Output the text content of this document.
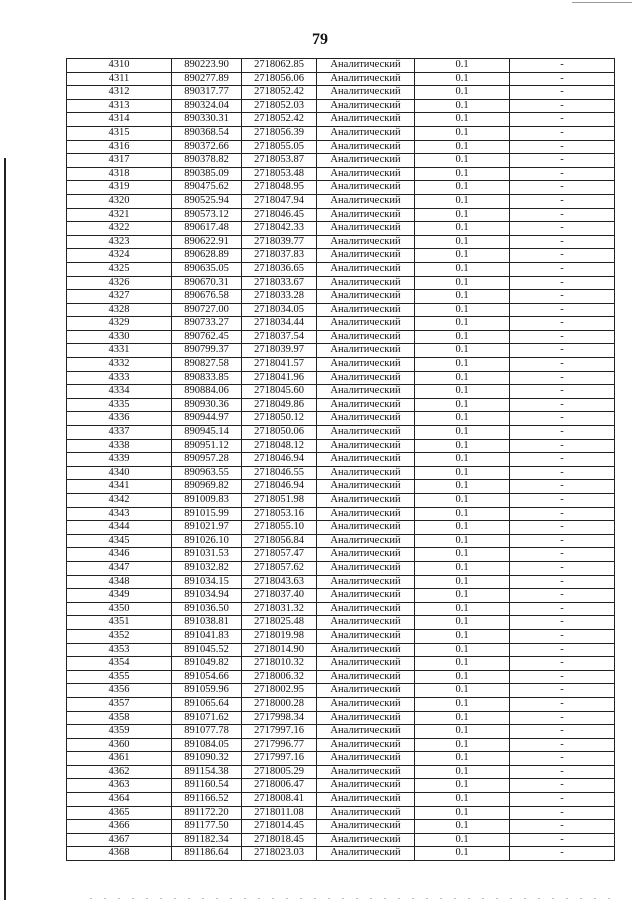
79
4310	890223.90	2718062.85	Аналитический	0.1	-
4311	890277.89	2718056.06	Аналитический	0.1	-
4312	890317.77	2718052.42	Аналитический	0.1	-
4313	890324.04	2718052.03	Аналитический	0.1	-
4314	890330.31	2718052.42	Аналитический	0.1	-
4315	890368.54	2718056.39	Аналитический	0.1	-
4316	890372.66	2718055.05	Аналитический	0.1	-
4317	890378.82	2718053.87	Аналитический	0.1	-
4318	890385.09	2718053.48	Аналитический	0.1	-
4319	890475.62	2718048.95	Аналитический	0.1	-
4320	890525.94	2718047.94	Аналитический	0.1	-
4321	890573.12	2718046.45	Аналитический	0.1	-
4322	890617.48	2718042.33	Аналитический	0.1	-
4323	890622.91	2718039.77	Аналитический	0.1	-
4324	890628.89	2718037.83	Аналитический	0.1	-
4325	890635.05	2718036.65	Аналитический	0.1	-
4326	890670.31	2718033.67	Аналитический	0.1	-
4327	890676.58	2718033.28	Аналитический	0.1	-
4328	890727.00	2718034.05	Аналитический	0.1	-
4329	890733.27	2718034.44	Аналитический	0.1	-
4330	890762.45	2718037.54	Аналитический	0.1	-
4331	890799.37	2718039.97	Аналитический	0.1	-
4332	890827.58	2718041.57	Аналитический	0.1	-
4333	890833.85	2718041.96	Аналитический	0.1	-
4334	890884.06	2718045.60	Аналитический	0.1	-
4335	890930.36	2718049.86	Аналитический	0.1	-
4336	890944.97	2718050.12	Аналитический	0.1	-
4337	890945.14	2718050.06	Аналитический	0.1	-
4338	890951.12	2718048.12	Аналитический	0.1	-
4339	890957.28	2718046.94	Аналитический	0.1	-
4340	890963.55	2718046.55	Аналитический	0.1	-
4341	890969.82	2718046.94	Аналитический	0.1	-
4342	891009.83	2718051.98	Аналитический	0.1	-
4343	891015.99	2718053.16	Аналитический	0.1	-
4344	891021.97	2718055.10	Аналитический	0.1	-
4345	891026.10	2718056.84	Аналитический	0.1	-
4346	891031.53	2718057.47	Аналитический	0.1	-
4347	891032.82	2718057.62	Аналитический	0.1	-
4348	891034.15	2718043.63	Аналитический	0.1	-
4349	891034.94	2718037.40	Аналитический	0.1	-
4350	891036.50	2718031.32	Аналитический	0.1	-
4351	891038.81	2718025.48	Аналитический	0.1	-
4352	891041.83	2718019.98	Аналитический	0.1	-
4353	891045.52	2718014.90	Аналитический	0.1	-
4354	891049.82	2718010.32	Аналитический	0.1	-
4355	891054.66	2718006.32	Аналитический	0.1	-
4356	891059.96	2718002.95	Аналитический	0.1	-
4357	891065.64	2718000.28	Аналитический	0.1	-
4358	891071.62	2717998.34	Аналитический	0.1	-
4359	891077.78	2717997.16	Аналитический	0.1	-
4360	891084.05	2717996.77	Аналитический	0.1	-
4361	891090.32	2717997.16	Аналитический	0.1	-
4362	891154.38	2718005.29	Аналитический	0.1	-
4363	891160.54	2718006.47	Аналитический	0.1	-
4364	891166.52	2718008.41	Аналитический	0.1	-
4365	891172.20	2718011.08	Аналитический	0.1	-
4366	891177.50	2718014.45	Аналитический	0.1	-
4367	891182.34	2718018.45	Аналитический	0.1	-
4368	891186.64	2718023.03	Аналитический	0.1	-
